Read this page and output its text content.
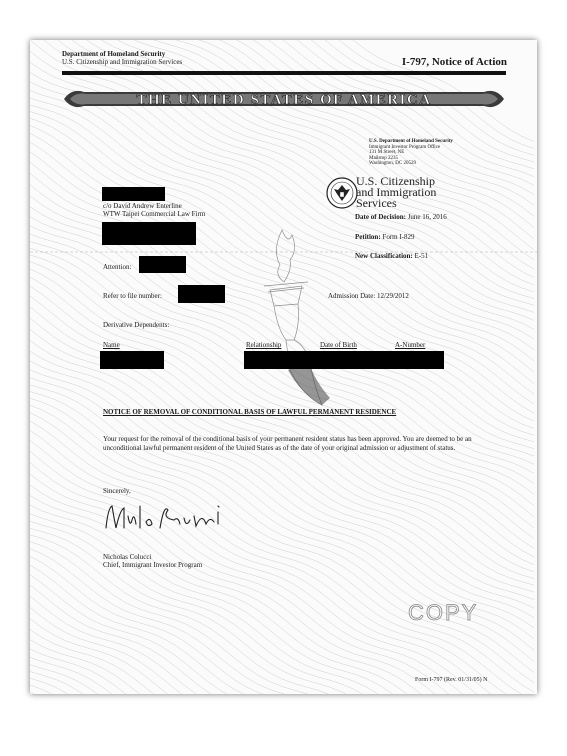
Department of Homeland Security
U.S. Citizenship and Immigration Services	I-797, Notice of Action
THE UNITED STATES OF AMERICA
U.S. Department of Homeland Security
Immigrant Investor Program Office
131 M Street, NE
Mailstop 2235
Washington, DC 20529
U.S. Citizenship
and Immigration
Services
Date of Decision: June 16, 2016
Petition: Form I-829
New Classification: E-51
c/o David Andrew Enterline
WTW Taipei Commercial Law Firm
Attention:
Refer to file number:	Admission Date: 12/29/2012
Derivative Dependents:
Name	Relationship	Date of Birth	A-Number
NOTICE OF REMOVAL OF CONDITIONAL BASIS OF LAWFUL PERMANENT RESIDENCE
Your request for the removal of the conditional basis of your permanent resident status has been approved. You are deemed to be an unconditional lawful permanent resident of the United States as of the date of your original admission or adjustment of status.
Sincerely,
Nicholas Colucci
Chief, Immigrant Investor Program
COPY
Form I-797 (Rev. 01/31/05) N
